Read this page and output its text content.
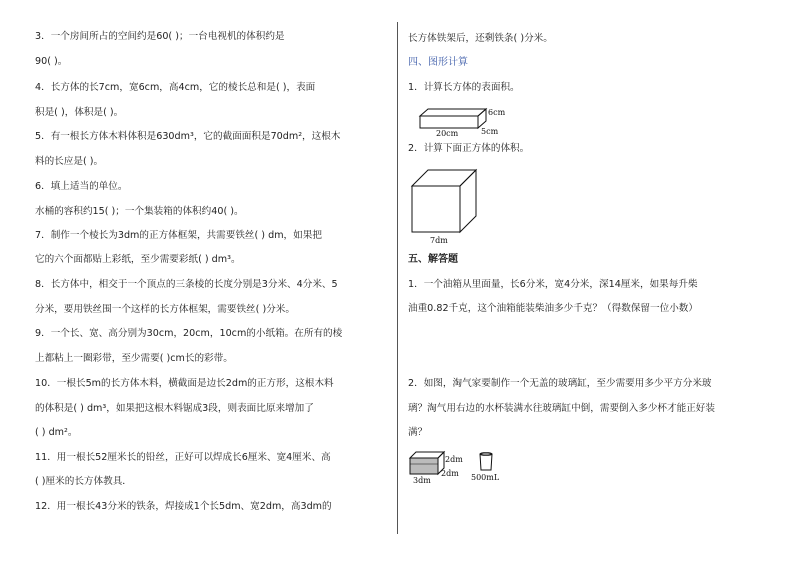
3．一个房间所占的空间约是60( )；一台电视机的体积约是
90( )。
4．长方体的长7cm，宽6cm，高4cm，它的棱长总和是( )，表面
积是( )，体积是( )。
5．有一根长方体木料体积是630dm³，它的截面面积是70dm²，这根木
料的长应是( )。
6．填上适当的单位。
水桶的容积约15( )；一个集装箱的体积约40( )。
7．制作一个棱长为3dm的正方体框架，共需要铁丝( ) dm，如果把
它的六个面都贴上彩纸，至少需要彩纸( ) dm³。
8．长方体中，相交于一个顶点的三条棱的长度分别是3分米、4分米、5
分米，要用铁丝围一个这样的长方体框架，需要铁丝( )分米。
9．一个长、宽、高分别为30cm，20cm，10cm的小纸箱。在所有的棱
上都粘上一圈彩带，至少需要( )cm长的彩带。
10．一根长5m的长方体木料，横截面是边长2dm的正方形，这根木料
的体积是( ) dm³，如果把这根木料锯成3段，则表面比原来增加了
( ) dm²。
11．用一根长52厘米长的铅丝，正好可以焊成长6厘米、宽4厘米、高
( )厘米的长方体教具．
12．用一根长43分米的铁条，焊接成1个长5dm、宽2dm，高3dm的
长方体铁架后，还剩铁条( )分米。
四、图形计算
1．计算长方体的表面积。
6cm
20cm	5cm
2．计算下面正方体的体积。
7dm
五、解答题
1．一个油箱从里面量，长6分米，宽4分米，深14厘米，如果每升柴
油重0.82千克，这个油箱能装柴油多少千克？（得数保留一位小数）
2．如图，淘气家要制作一个无盖的玻璃缸，至少需要用多少平方分米玻
璃？淘气用右边的水杯装满水往玻璃缸中倒，需要倒入多少杯才能正好装
满？
2dm
2dm
3dm	500mL
